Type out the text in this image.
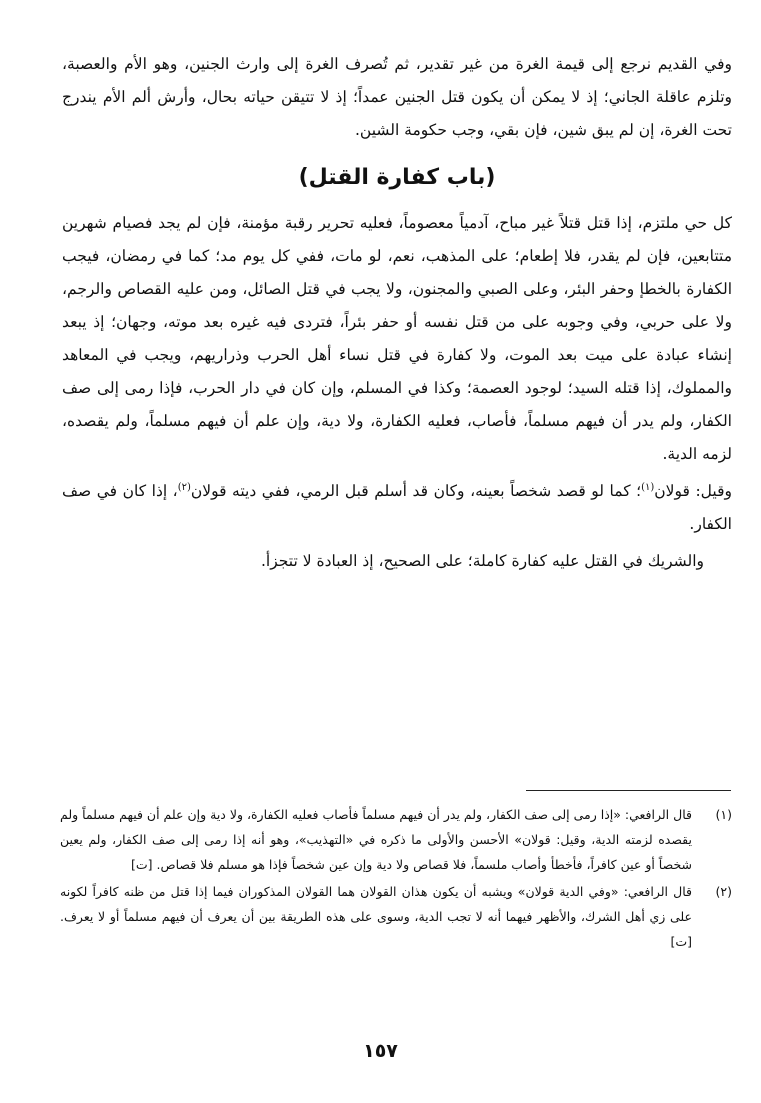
وفي القديم نرجع إلى قيمة الغرة من غير تقدير، ثم تُصرف الغرة إلى وارث الجنين، وهو الأم والعصبة، وتلزم عاقلة الجاني؛ إذ لا يمكن أن يكون قتل الجنين عمداً؛ إذ لا تتيقن حياته بحال، وأرش ألم الأم يندرج تحت الغرة، إن لم يبق شين، فإن بقي، وجب حكومة الشين.

(باب كفارة القتل)

كل حي ملتزم، إذا قتل قتلاً غير مباح، آدمياً معصوماً، فعليه تحرير رقبة مؤمنة، فإن لم يجد فصيام شهرين متتابعين، فإن لم يقدر، فلا إطعام؛ على المذهب، نعم، لو مات، ففي كل يوم مد؛ كما في رمضان، فيجب الكفارة بالخطإ وحفر البئر، وعلى الصبي والمجنون، ولا يجب في قتل الصائل، ومن عليه القصاص والرجم، ولا على حربي، وفي وجوبه على من قتل نفسه أو حفر بئراً، فتردى فيه غيره بعد موته، وجهان؛ إذ يبعد إنشاء عبادة على ميت بعد الموت، ولا كفارة في قتل نساء أهل الحرب وذراريهم، ويجب في المعاهد والمملوك، إذا قتله السيد؛ لوجود العصمة؛ وكذا في المسلم، وإن كان في دار الحرب، فإذا رمى إلى صف الكفار، ولم يدر أن فيهم مسلماً، فأصاب، فعليه الكفارة، ولا دية، وإن علم أن فيهم مسلماً، ولم يقصده، لزمه الدية.

وقيل: قولان$^{(١)}$؛ كما لو قصد شخصاً بعينه، وكان قد أسلم قبل الرمي، ففي ديته قولان$^{(٢)}$، إذا كان في صف الكفار.

والشريك في القتل عليه كفارة كاملة؛ على الصحيح، إذ العبادة لا تتجزأ.

(١)
قال الرافعي: «إذا رمى إلى صف الكفار، ولم يدر أن فيهم مسلماً فأصاب فعليه الكفارة، ولا دية وإن علم أن فيهم مسلماً ولم يقصده لزمته الدية، وقيل: قولان» الأحسن والأولى ما ذكره في «التهذيب»، وهو أنه إذا رمى إلى صف الكفار، ولم يعين شخصاً أو عين كافراً، فأخطأ وأصاب ملسماً، فلا قصاص ولا دية وإن عين شخصاً فإذا هو مسلم فلا قصاص. [ت]
(٢)
قال الرافعي: «وفي الدية قولان» ويشبه أن يكون هذان القولان هما القولان المذكوران فيما إذا قتل من ظنه كافراً لكونه على زي أهل الشرك، والأظهر فيهما أنه لا تجب الدية، وسوى على هذه الطريقة بين أن يعرف أن فيهم مسلماً أو لا يعرف. [ت]
١٥٧
